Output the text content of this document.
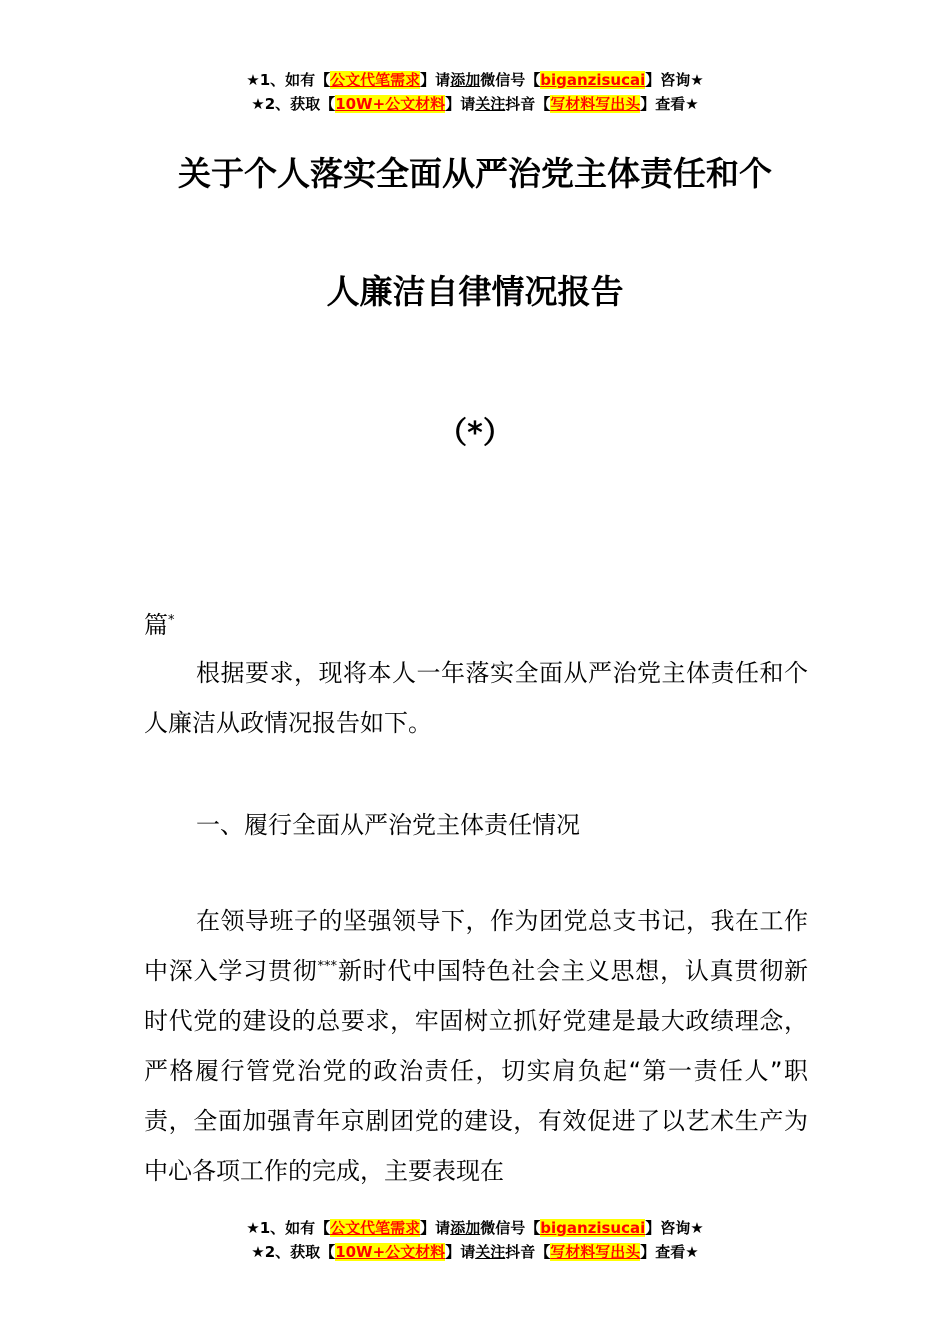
★1、如有【公文代笔需求】请添加微信号【biganzisucai】咨询★
★2、获取【10W+公文材料】请关注抖音【写材料写出头】查看★
关于个人落实全面从严治党主体责任和个
人廉洁自律情况报告
（*）
篇*
根据要求，现将本人一年落实全面从严治党主体责任和个人廉洁从政情况报告如下。
一、履行全面从严治党主体责任情况
在领导班子的坚强领导下，作为团党总支书记，我在工作中深入学习贯彻***新时代中国特色社会主义思想，认真贯彻新时代党的建设的总要求，牢固树立抓好党建是最大政绩理念，严格履行管党治党的政治责任，切实肩负起“第一责任人”职责，全面加强青年京剧团党的建设，有效促进了以艺术生产为中心各项工作的完成，主要表现在
★1、如有【公文代笔需求】请添加微信号【biganzisucai】咨询★
★2、获取【10W+公文材料】请关注抖音【写材料写出头】查看★
